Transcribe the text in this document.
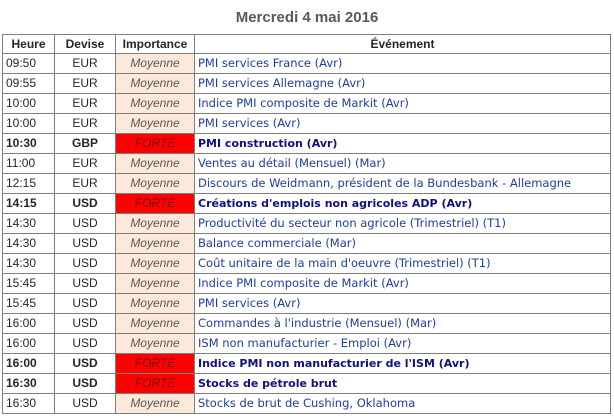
Mercredi 4 mai 2016
Heure	Devise	Importance	Événement
09:50	EUR	Moyenne	PMI services France (Avr)
09:55	EUR	Moyenne	PMI services Allemagne (Avr)
10:00	EUR	Moyenne	Indice PMI composite de Markit (Avr)
10:00	EUR	Moyenne	PMI services (Avr)
10:30	GBP	FORTE	PMI construction (Avr)
11:00	EUR	Moyenne	Ventes au détail (Mensuel) (Mar)
12:15	EUR	Moyenne	Discours de Weidmann, président de la Bundesbank - Allemagne
14:15	USD	FORTE	Créations d'emplois non agricoles ADP (Avr)
14:30	USD	Moyenne	Productivité du secteur non agricole (Trimestriel) (T1)
14:30	USD	Moyenne	Balance commerciale (Mar)
14:30	USD	Moyenne	Coût unitaire de la main d'oeuvre (Trimestriel) (T1)
15:45	USD	Moyenne	Indice PMI composite de Markit (Avr)
15:45	USD	Moyenne	PMI services (Avr)
16:00	USD	Moyenne	Commandes à l'industrie (Mensuel) (Mar)
16:00	USD	Moyenne	ISM non manufacturier - Emploi (Avr)
16:00	USD	FORTE	Indice PMI non manufacturier de l'ISM (Avr)
16:30	USD	FORTE	Stocks de pétrole brut
16:30	USD	Moyenne	Stocks de brut de Cushing, Oklahoma
